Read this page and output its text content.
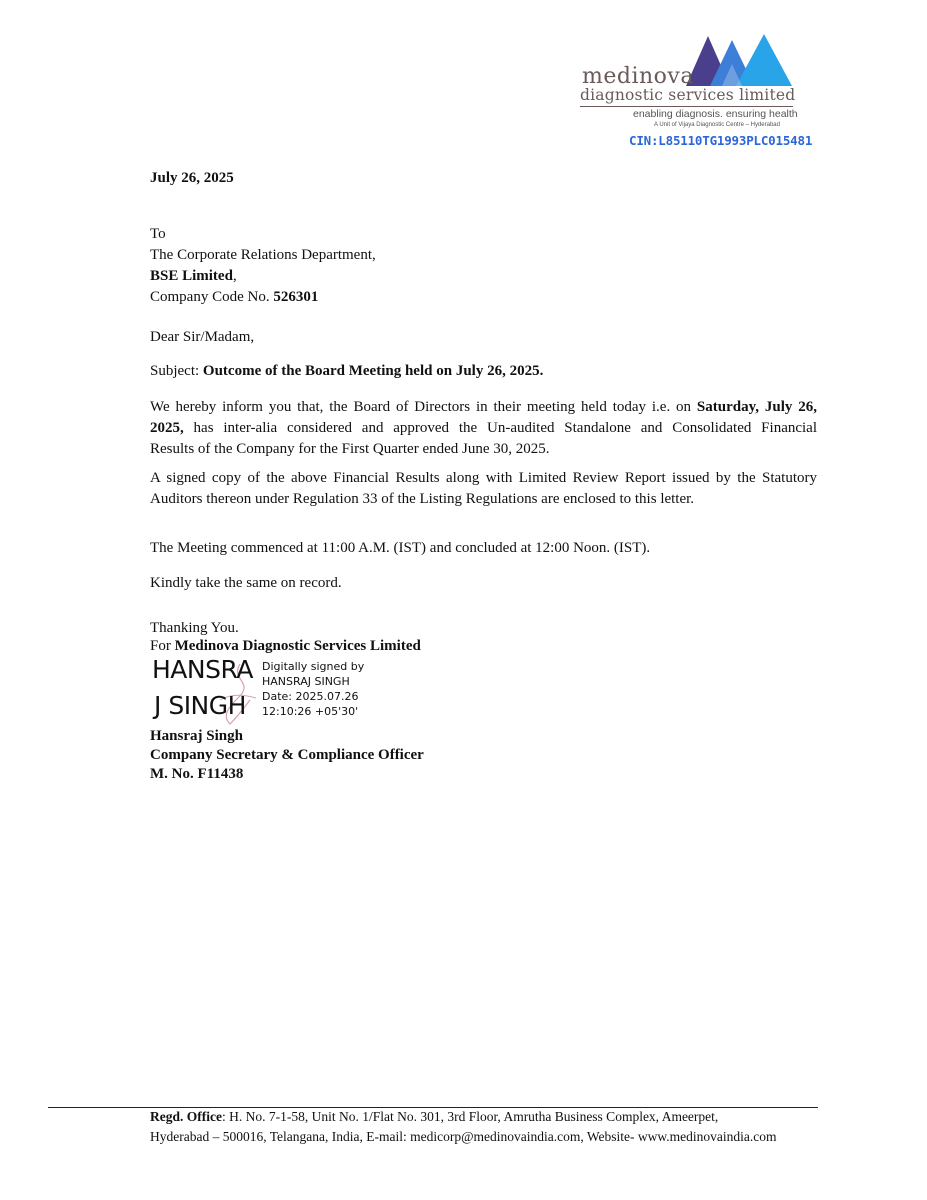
medinova
diagnostic services limited
enabling diagnosis. ensuring health
A Unit of Vijaya Diagnostic Centre – Hyderabad
CIN:L85110TG1993PLC015481
July 26, 2025
To
The Corporate Relations Department,
BSE Limited,
Company Code No. 526301
Dear Sir/Madam,
Subject: Outcome of the Board Meeting held on July 26, 2025.
We hereby inform you that, the Board of Directors in their meeting held today i.e. on Saturday, July 26,
2025, has inter-alia considered and approved the Un-audited Standalone and Consolidated Financial
Results of the Company for the First Quarter ended June 30, 2025.
A signed copy of the above Financial Results along with Limited Review Report issued by the Statutory
Auditors thereon under Regulation 33 of the Listing Regulations are enclosed to this letter.
The Meeting commenced at 11:00 A.M. (IST) and concluded at 12:00 Noon. (IST).
Kindly take the same on record.
Thanking You.
For Medinova Diagnostic Services Limited
HANSRA
J SINGH
Digitally signed by
HANSRAJ SINGH
Date: 2025.07.26
12:10:26 +05'30'
Hansraj Singh
Company Secretary & Compliance Officer
M. No. F11438
Regd. Office: H. No. 7-1-58, Unit No. 1/Flat No. 301, 3rd Floor, Amrutha Business Complex, Ameerpet,
Hyderabad – 500016, Telangana, India, E-mail: medicorp@medinovaindia.com, Website- www.medinovaindia.com
